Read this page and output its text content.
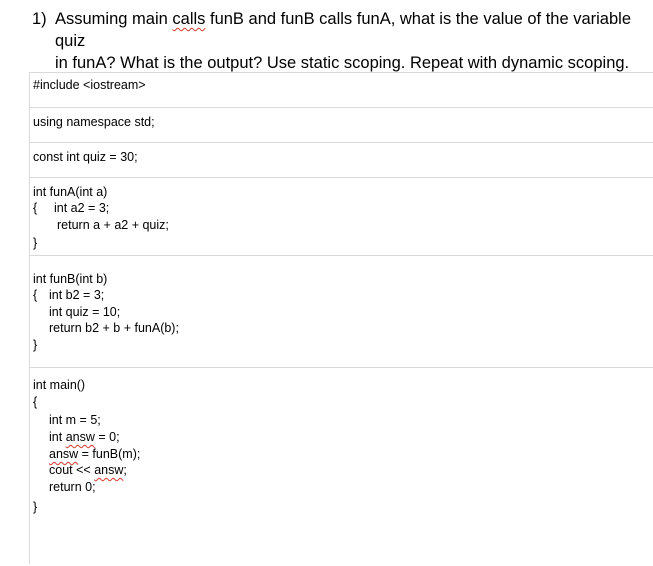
1) Assuming main calls funB and funB calls funA, what is the value of the variable quiz
in funA? What is the output? Use static scoping. Repeat with dynamic scoping.
#include <iostream>
using namespace std;
const int quiz = 30;
int funA(int a)
{ int a2 = 3;
return a + a2 + quiz;
}
int funB(int b)
{ int b2 = 3;
int quiz = 10;
return b2 + b + funA(b);
}
int main()
{
int m = 5;
int answ = 0;
answ = funB(m);
cout << answ;
return 0;
}
